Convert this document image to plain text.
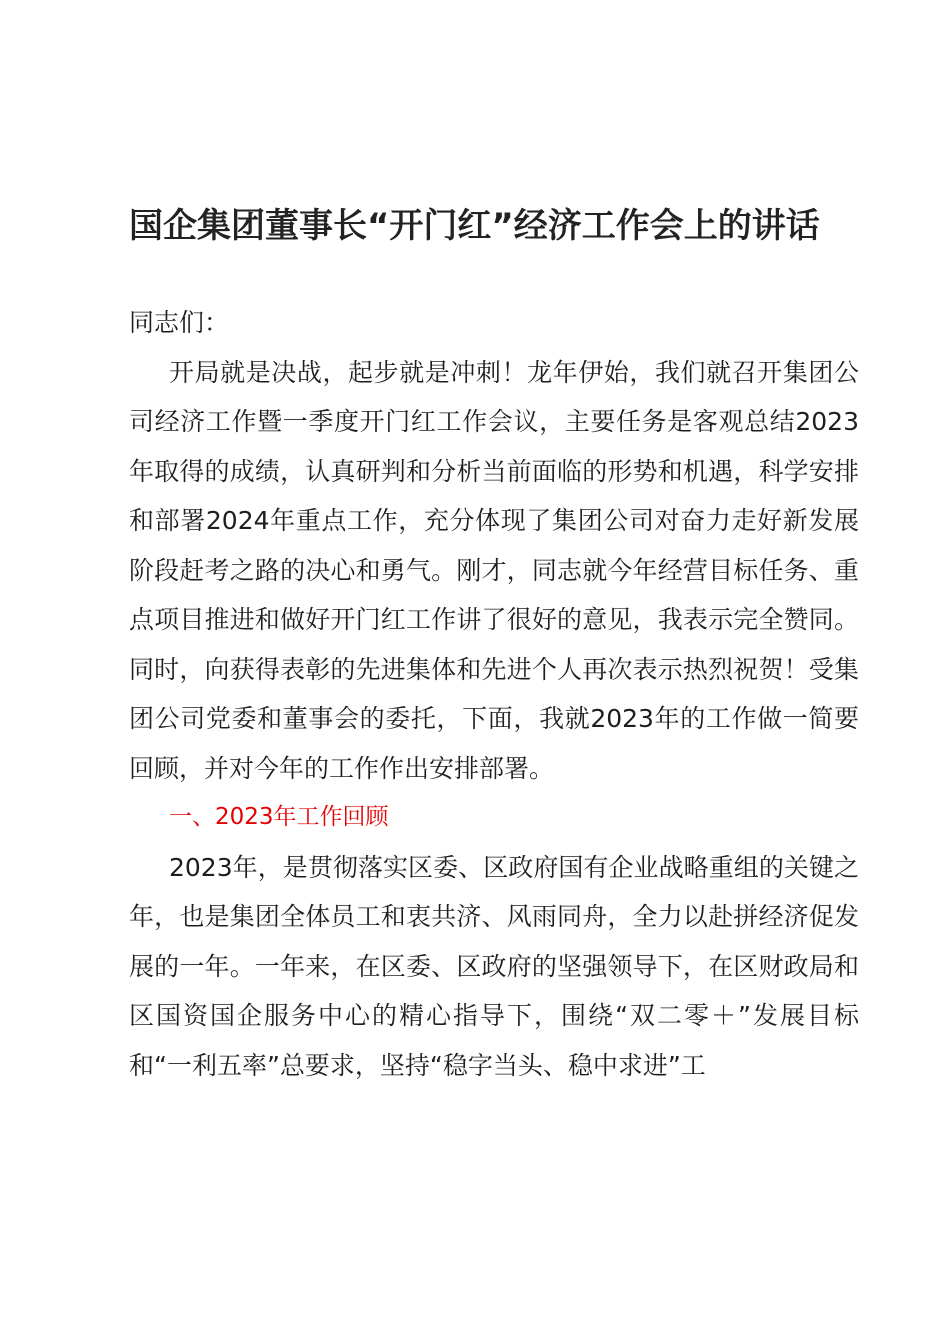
国企集团董事长“开门红”经济工作会上的讲话

同志们：

开局就是决战，起步就是冲刺！龙年伊始，我们就召开集团公司经济工作暨一季度开门红工作会议，主要任务是客观总结2023年取得的成绩，认真研判和分析当前面临的形势和机遇，科学安排和部署2024年重点工作，充分体现了集团公司对奋力走好新发展阶段赶考之路的决心和勇气。刚才，同志就今年经营目标任务、重点项目推进和做好开门红工作讲了很好的意见，我表示完全赞同。同时，向获得表彰的先进集体和先进个人再次表示热烈祝贺！受集团公司党委和董事会的委托，下面，我就2023年的工作做一简要回顾，并对今年的工作作出安排部署。

一、2023年工作回顾

2023年，是贯彻落实区委、区政府国有企业战略重组的关键之年，也是集团全体员工和衷共济、风雨同舟，全力以赴拼经济促发展的一年。一年来，在区委、区政府的坚强领导下，在区财政局和区国资国企服务中心的精心指导下，围绕“双二零＋”发展目标和“一利五率”总要求，坚持“稳字当头、稳中求进”工
